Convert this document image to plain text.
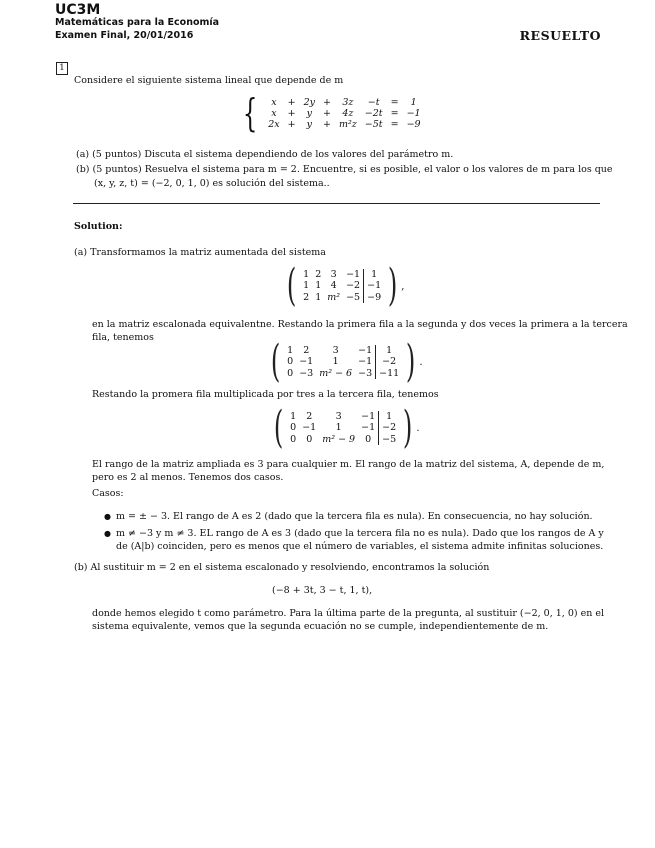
UC3M
Matemáticas para la Economía
Examen Final, 20/01/2016	RESUELTO
1
Considere el siguiente sistema lineal que depende de m
{ x	+	2y	+	3z	−t	=	1
x	+	y	+	4z	−2t	=	−1
2x	+	y	+	m²z	−5t	=	−9
(a) (5 puntos) Discuta el sistema dependiendo de los valores del parámetro m.
(b) (5 puntos) Resuelva el sistema para m = 2. Encuentre, si es posible, el valor o los valores de m para los que
(x, y, z, t) = (−2, 0, 1, 0) es solución del sistema..
Solution:
(a) Transformamos la matriz aumentada del sistema
( 1	2	3	−1	1
1	1	4	−2	−1
2	1	m²	−5	−9 ) ,
en la matriz escalonada equivalentne. Restando la primera fila a la segunda y dos veces la primera a la tercera
fila, tenemos	( 1	2	3	−1	1
0	−1	1	−1	−2
0	−3	m² − 6	−3	−11 ) .
Restando la promera fila multiplicada por tres a la tercera fila, tenemos
( 1	2	3	−1	1
0	−1	1	−1	−2
0	0	m² − 9	0	−5 ) .
El rango de la matriz ampliada es 3 para cualquier m. El rango de la matriz del sistema, A, depende de m,
pero es 2 al menos. Tenemos dos casos.
Casos:
● m = ± − 3. El rango de A es 2 (dado que la tercera fila es nula). En consecuencia, no hay solución.
● m ≠ −3 y m ≠ 3. EL rango de A es 3 (dado que la tercera fila no es nula). Dado que los rangos de A y
de (A|b) coinciden, pero es menos que el número de variables, el sistema admite infinitas soluciones.
(b) Al sustituir m = 2 en el sistema escalonado y resolviendo, encontramos la solución
(−8 + 3t, 3 − t, 1, t),
donde hemos elegido t como parámetro. Para la última parte de la pregunta, al sustituir (−2, 0, 1, 0) en el
sistema equivalente, vemos que la segunda ecuación no se cumple, independientemente de m.
